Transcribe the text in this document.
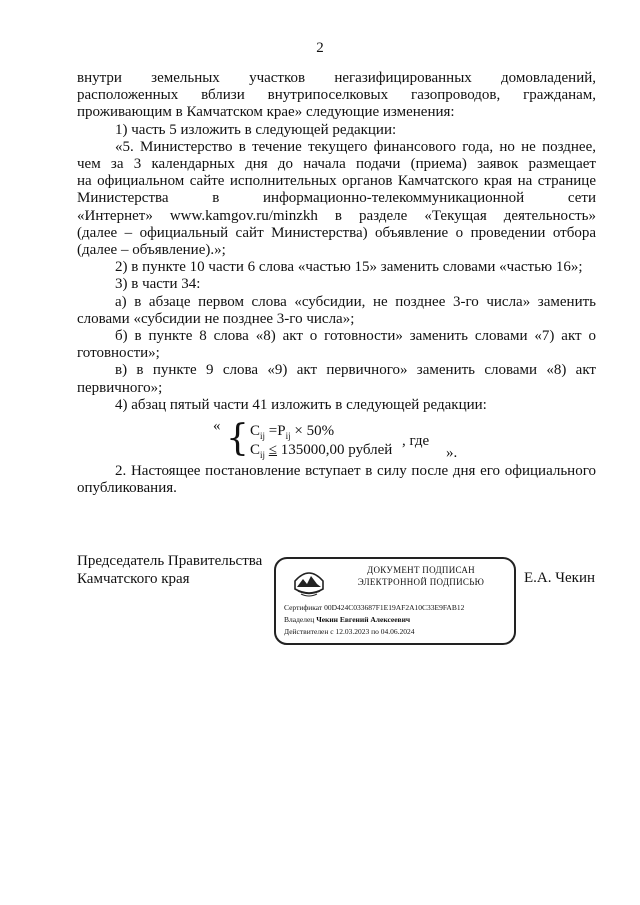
2
внутри земельных участков негазифицированных домовладений,
расположенных вблизи внутрипоселковых газопроводов, гражданам,
проживающим в Камчатском крае» следующие изменения:
1) часть 5 изложить в следующей редакции:
«5. Министерство в течение текущего финансового года, но не позднее,
чем за 3 календарных дня до начала подачи (приема) заявок размещает
на официальном сайте исполнительных органов Камчатского края на странице
Министерства	в	информационно-телекоммуникационной	сети
«Интернет» www.kamgov.ru/minzkh в разделе «Текущая деятельность»
(далее – официальный сайт Министерства) объявление о проведении отбора
(далее – объявление).»;
2) в пункте 10 части 6 слова «частью 15» заменить словами «частью 16»;
3) в части 34:
а) в абзаце первом слова «субсидии, не позднее 3-го числа» заменить
словами «субсидии не позднее 3-го числа»;
б) в пункте 8 слова «8) акт о готовности» заменить словами «7) акт о
готовности»;
в) в пункте 9 слова «9) акт первичного» заменить словами «8) акт
первичного»;
4) абзац пятый части 41 изложить в следующей редакции:
« { $C_{ij} =P_{ij} \times 50\%$
$C_{ij} \le 135000,00$ рублей
, где
».
2. Настоящее постановление вступает в силу после дня его официального
опубликования.
Председатель Правительства
Камчатского края
ДОКУМЕНТ ПОДПИСАН
ЭЛЕКТРОННОЙ ПОДПИСЬЮ
Сертификат 00D424C033687F1E19AF2A10C33E9FAB12
Владелец Чекин Евгений Алексеевич
Действителен с 12.03.2023 по 04.06.2024
Е.А. Чекин
